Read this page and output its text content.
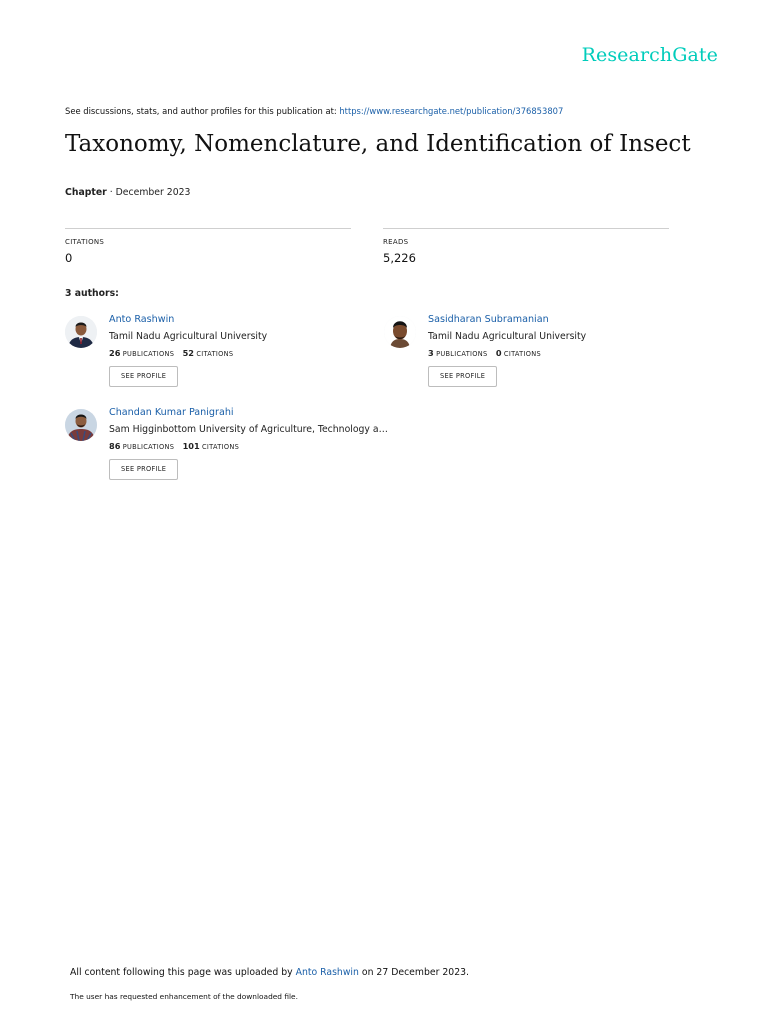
ResearchGate
See discussions, stats, and author profiles for this publication at: https://www.researchgate.net/publication/376853807
Taxonomy, Nomenclature, and Identification of Insect
Chapter · December 2023
CITATIONS
0
READS
5,226
3 authors:
Anto Rashwin
Tamil Nadu Agricultural University
26 PUBLICATIONS 52 CITATIONS
SEE PROFILE
Sasidharan Subramanian
Tamil Nadu Agricultural University
3 PUBLICATIONS 0 CITATIONS
SEE PROFILE
Chandan Kumar Panigrahi
Sam Higginbottom University of Agriculture, Technology a…
86 PUBLICATIONS 101 CITATIONS
SEE PROFILE
All content following this page was uploaded by Anto Rashwin on 27 December 2023.
The user has requested enhancement of the downloaded file.
